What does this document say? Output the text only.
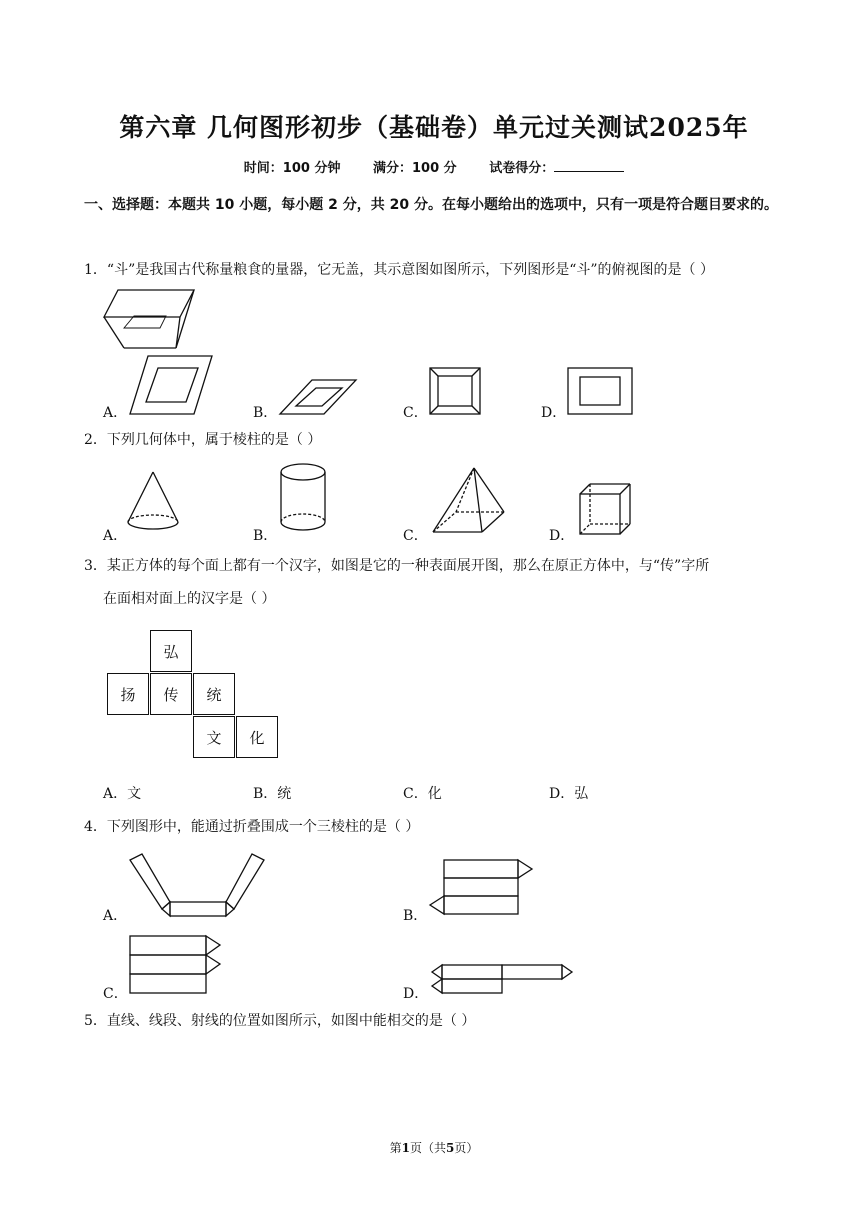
第六章 几何图形初步（基础卷）单元过关测试2025年
时间：100 分钟	满分：100 分	试卷得分：
一、选择题：本题共 10 小题，每小题 2 分，共 20 分。在每小题给出的选项中，只有一项是符合题目要求的。
1．“斗”是我国古代称量粮食的量器，它无盖，其示意图如图所示，下列图形是“斗”的俯视图的是（ ）
A．	B．	C．	D．
2．下列几何体中，属于棱柱的是（ ）
A．	B．	C．	D．
3．某正方体的每个面上都有一个汉字，如图是它的一种表面展开图，那么在原正方体中，与“传”字所
在面相对面上的汉字是（ ）
弘
扬	传	统
文	化
A．文	B．统	C．化	D．弘
4．下列图形中，能通过折叠围成一个三棱柱的是（ ）
A．	B．
C．	D．
5．直线、线段、射线的位置如图所示，如图中能相交的是（ ）
第1页（共5页）
